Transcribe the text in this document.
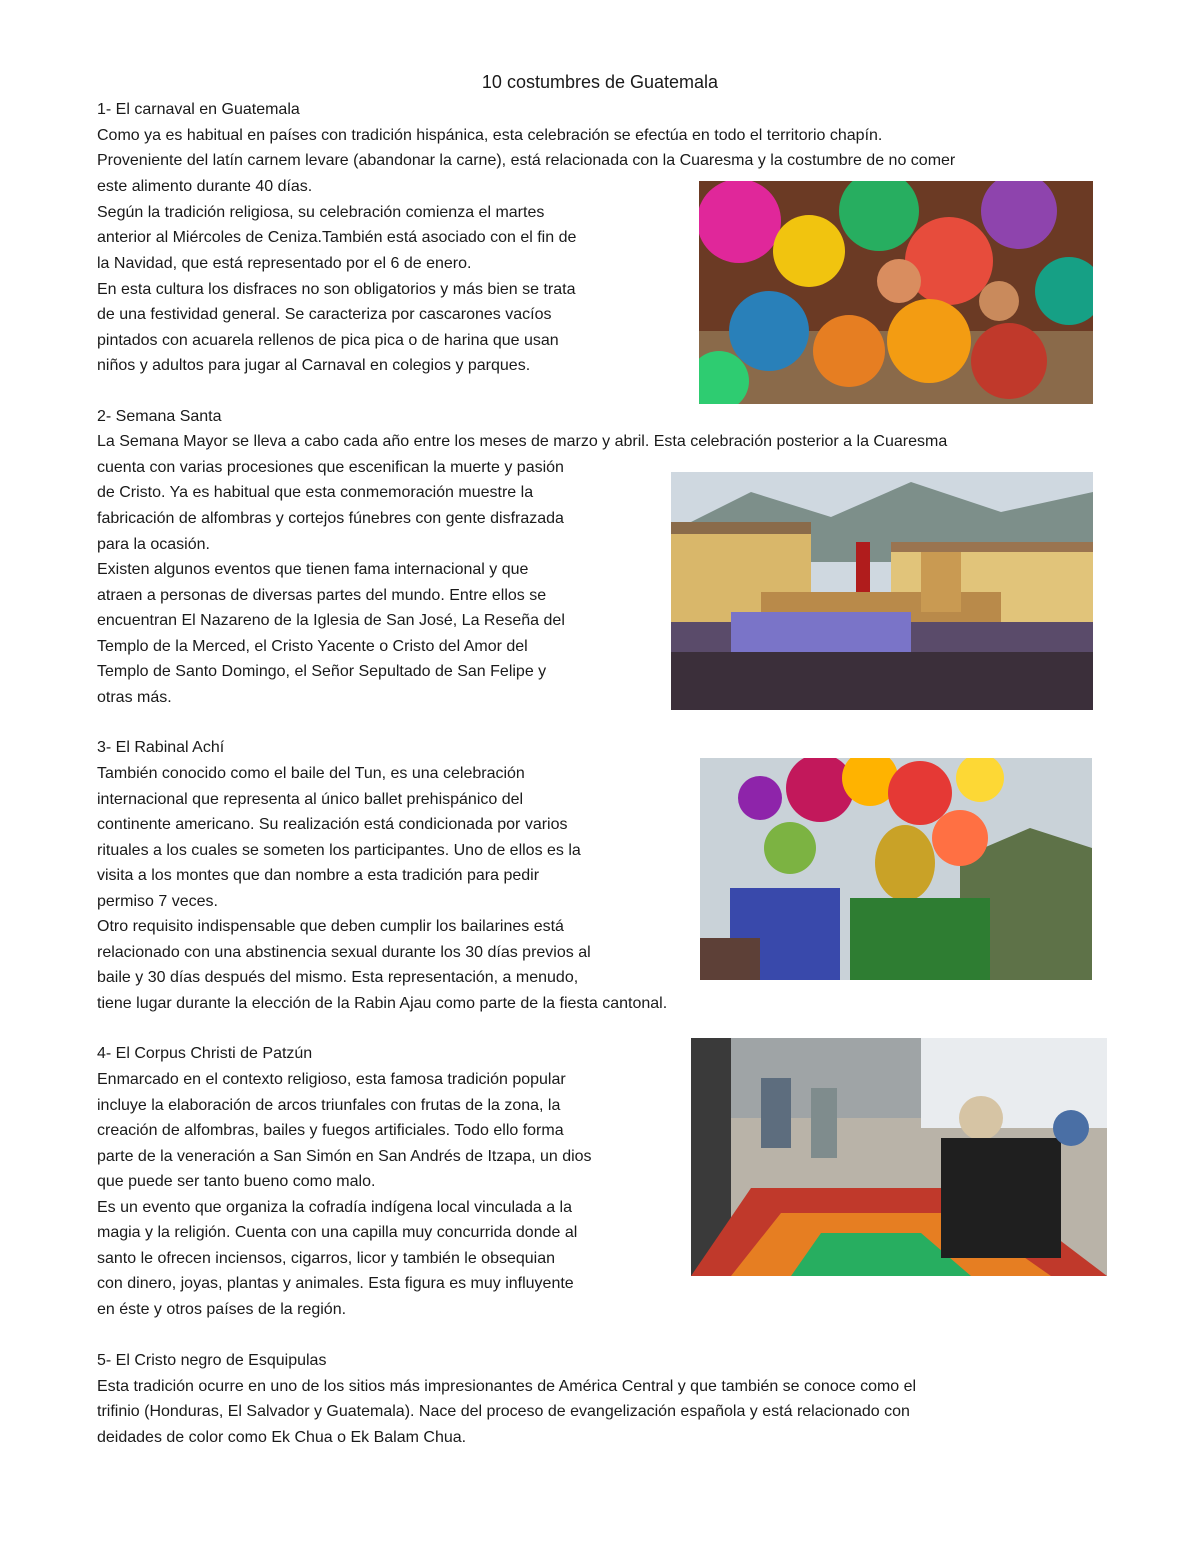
10 costumbres de Guatemala

1- El carnaval en Guatemala

Como ya es habitual en países con tradición hispánica, esta celebración se efectúa en todo el territorio chapín.

Proveniente del latín carnem levare (abandonar la carne), está relacionada con la Cuaresma y la costumbre de no comer

este alimento durante 40 días.

Según la tradición religiosa, su celebración comienza el martes

anterior al Miércoles de Ceniza.También está asociado con el fin de

la Navidad, que está representado por el 6 de enero.

En esta cultura los disfraces no son obligatorios y más bien se trata

de una festividad general. Se caracteriza por cascarones vacíos

pintados con acuarela rellenos de pica pica o de harina que usan

niños y adultos para jugar al Carnaval en colegios y parques.

2- Semana Santa

La Semana Mayor se lleva a cabo cada año entre los meses de marzo y abril. Esta celebración posterior a la Cuaresma

cuenta con varias procesiones que escenifican la muerte y pasión

de Cristo. Ya es habitual que esta conmemoración muestre la

fabricación de alfombras y cortejos fúnebres con gente disfrazada

para la ocasión.

Existen algunos eventos que tienen fama internacional y que

atraen a personas de diversas partes del mundo. Entre ellos se

encuentran El Nazareno de la Iglesia de San José, La Reseña del

Templo de la Merced, el Cristo Yacente o Cristo del Amor del

Templo de Santo Domingo, el Señor Sepultado de San Felipe y

otras más.

3- El Rabinal Achí

También conocido como el baile del Tun, es una celebración

internacional que representa al único ballet prehispánico del

continente americano. Su realización está condicionada por varios

rituales a los cuales se someten los participantes. Uno de ellos es la

visita a los montes que dan nombre a esta tradición para pedir

permiso 7 veces.

Otro requisito indispensable que deben cumplir los bailarines está

relacionado con una abstinencia sexual durante los 30 días previos al

baile y 30 días después del mismo. Esta representación, a menudo,

tiene lugar durante la elección de la Rabin Ajau como parte de la fiesta cantonal.

4- El Corpus Christi de Patzún

Enmarcado en el contexto religioso, esta famosa tradición popular

incluye la elaboración de arcos triunfales con frutas de la zona, la

creación de alfombras, bailes y fuegos artificiales. Todo ello forma

parte de la veneración a San Simón en San Andrés de Itzapa, un dios

que puede ser tanto bueno como malo.

Es un evento que organiza la cofradía indígena local vinculada a la

magia y la religión. Cuenta con una capilla muy concurrida donde al

santo le ofrecen inciensos, cigarros, licor y también le obsequian

con dinero, joyas, plantas y animales. Esta figura es muy influyente

en éste y otros países de la región.

5- El Cristo negro de Esquipulas

Esta tradición ocurre en uno de los sitios más impresionantes de América Central y que también se conoce como el

trifinio (Honduras, El Salvador y Guatemala). Nace del proceso de evangelización española y está relacionado con

deidades de color como Ek Chua o Ek Balam Chua.
